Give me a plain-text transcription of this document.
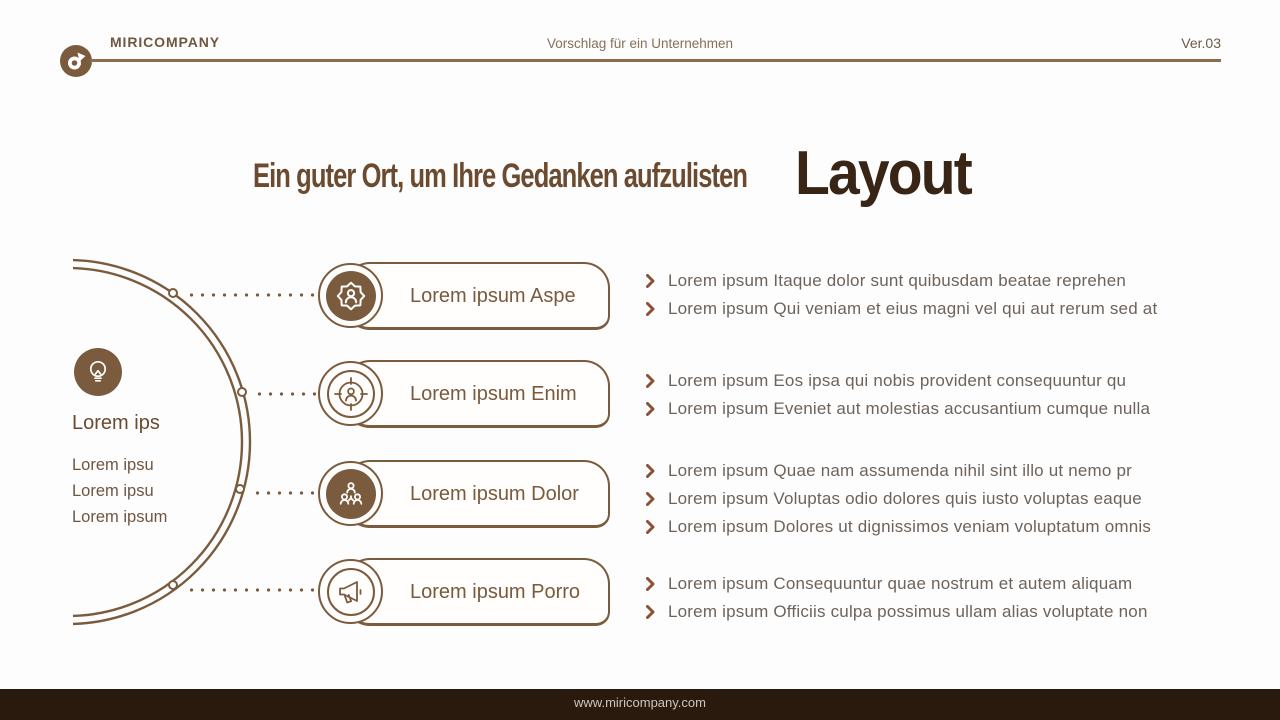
MIRICOMPANY	Vorschlag für ein Unternehmen	Ver.03
Ein guter Ort, um Ihre Gedanken aufzulisten Layout
Lorem ips
Lorem ipsu
Lorem ipsu
Lorem ipsum
Lorem ipsum Aspe
Lorem ipsum Enim
Lorem ipsum Dolor
Lorem ipsum Porro
Lorem ipsum Itaque dolor sunt quibusdam beatae reprehen
Lorem ipsum Qui veniam et eius magni vel qui aut rerum sed at
Lorem ipsum Eos ipsa qui nobis provident consequuntur qu
Lorem ipsum Eveniet aut molestias accusantium cumque nulla
Lorem ipsum Quae nam assumenda nihil sint illo ut nemo pr
Lorem ipsum Voluptas odio dolores quis iusto voluptas eaque
Lorem ipsum Dolores ut dignissimos veniam voluptatum omnis
Lorem ipsum Consequuntur quae nostrum et autem aliquam
Lorem ipsum Officiis culpa possimus ullam alias voluptate non
www.miricompany.com
